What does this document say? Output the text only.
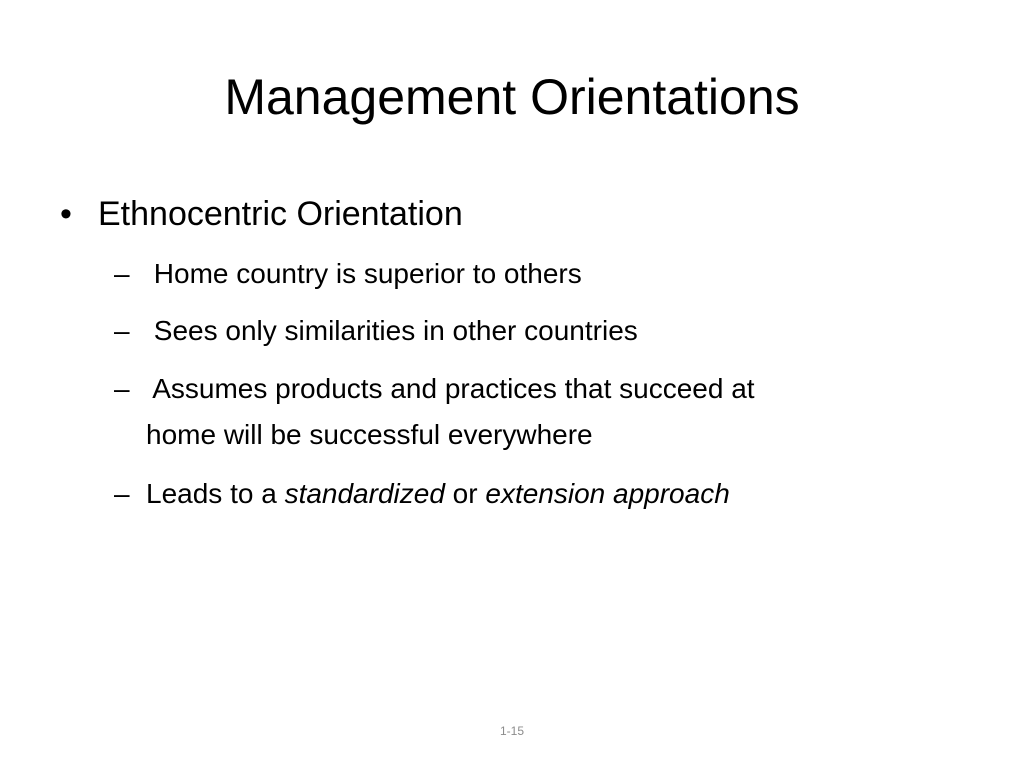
Management Orientations
• Ethnocentric Orientation
– Home country is superior to others
– Sees only similarities in other countries
– Assumes products and practices that succeed at
home will be successful everywhere
– Leads to a standardized or extension approach
1-15
